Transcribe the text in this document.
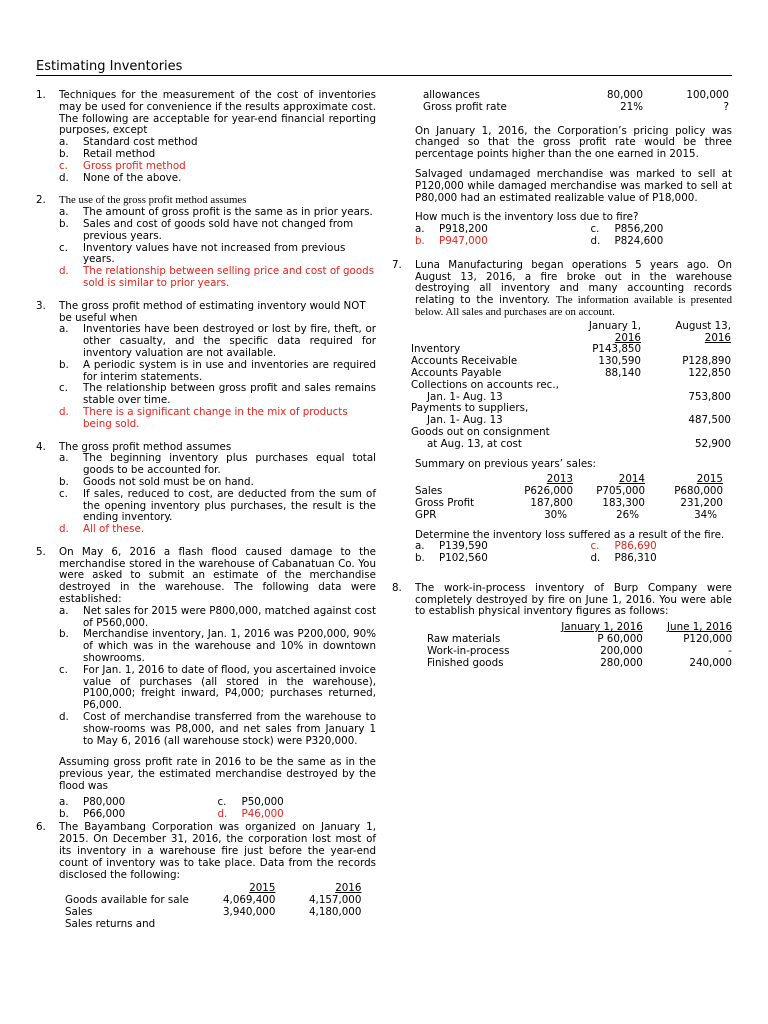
Estimating Inventories
1. Techniques for the measurement of the cost of inventories may be used for convenience if the results approximate cost. The following are acceptable for year-end financial reporting purposes, except
a. Standard cost method
b. Retail method
c. Gross profit method
d. None of the above.
2. The use of the gross profit method assumes
a. The amount of gross profit is the same as in prior years.
b. Sales and cost of goods sold have not changed from previous years.
c. Inventory values have not increased from previous years.
d. The relationship between selling price and cost of goods sold is similar to prior years.
3. The gross profit method of estimating inventory would NOT be useful when
a. Inventories have been destroyed or lost by fire, theft, or other casualty, and the specific data required for inventory valuation are not available.
b. A periodic system is in use and inventories are required for interim statements.
c. The relationship between gross profit and sales remains stable over time.
d. There is a significant change in the mix of products being sold.
4. The gross profit method assumes
a. The beginning inventory plus purchases equal total goods to be accounted for.
b. Goods not sold must be on hand.
c. If sales, reduced to cost, are deducted from the sum of the opening inventory plus purchases, the result is the ending inventory.
d. All of these.
5. On May 6, 2016 a flash flood caused damage to the merchandise stored in the warehouse of Cabanatuan Co. You were asked to submit an estimate of the merchandise destroyed in the warehouse. The following data were established:
a. Net sales for 2015 were P800,000, matched against cost of P560,000.
b. Merchandise inventory, Jan. 1, 2016 was P200,000, 90% of which was in the warehouse and 10% in downtown showrooms.
c. For Jan. 1, 2016 to date of flood, you ascertained invoice value of purchases (all stored in the warehouse), P100,000; freight inward, P4,000; purchases returned, P6,000.
d. Cost of merchandise transferred from the warehouse to show-rooms was P8,000, and net sales from January 1 to May 6, 2016 (all warehouse stock) were P320,000.
Assuming gross profit rate in 2016 to be the same as in the previous year, the estimated merchandise destroyed by the flood was
a.	P80,000	c.	P50,000
b.	P66,000	d.	P46,000
6. The Bayambang Corporation was organized on January 1, 2015. On December 31, 2016, the corporation lost most of its inventory in a warehouse fire just before the year-end count of inventory was to take place. Data from the records disclosed the following:
	2015	2016
Goods available for sale	4,069,400	4,157,000
Sales	3,940,000	4,180,000
Sales returns and		
allowances	80,000	100,000
Gross profit rate	21%	?
On January 1, 2016, the Corporation’s pricing policy was changed so that the gross profit rate would be three percentage points higher than the one earned in 2015.
Salvaged undamaged merchandise was marked to sell at P120,000 while damaged merchandise was marked to sell at P80,000 had an estimated realizable value of P18,000.
How much is the inventory loss due to fire?
a.	P918,200	c.	P856,200
b.	P947,000	d.	P824,600
7. Luna Manufacturing began operations 5 years ago. On August 13, 2016, a fire broke out in the warehouse destroying all inventory and many accounting records relating to the inventory. The information available is presented below. All sales and purchases are on account.
	January 1,	August 13,
	2016	2016
Inventory	P143,850	
Accounts Receivable	130,590	P128,890
Accounts Payable	88,140	122,850
Collections on accounts rec.,		
Jan. 1- Aug. 13		753,800
Payments to suppliers,		
Jan. 1- Aug. 13		487,500
Goods out on consignment		
at Aug. 13, at cost		52,900
Summary on previous years’ sales:
	2013	2014	2015
Sales	P626,000	P705,000	P680,000
Gross Profit	187,800	183,300	231,200
GPR	30%	26%	34%
Determine the inventory loss suffered as a result of the fire.
a.	P139,590	c.	P86,690
b.	P102,560	d.	P86,310
8. The work-in-process inventory of Burp Company were completely destroyed by fire on June 1, 2016. You were able to establish physical inventory figures as follows:
	January 1, 2016	June 1, 2016
Raw materials	P 60,000	P120,000
Work-in-process	200,000	-
Finished goods	280,000	240,000
